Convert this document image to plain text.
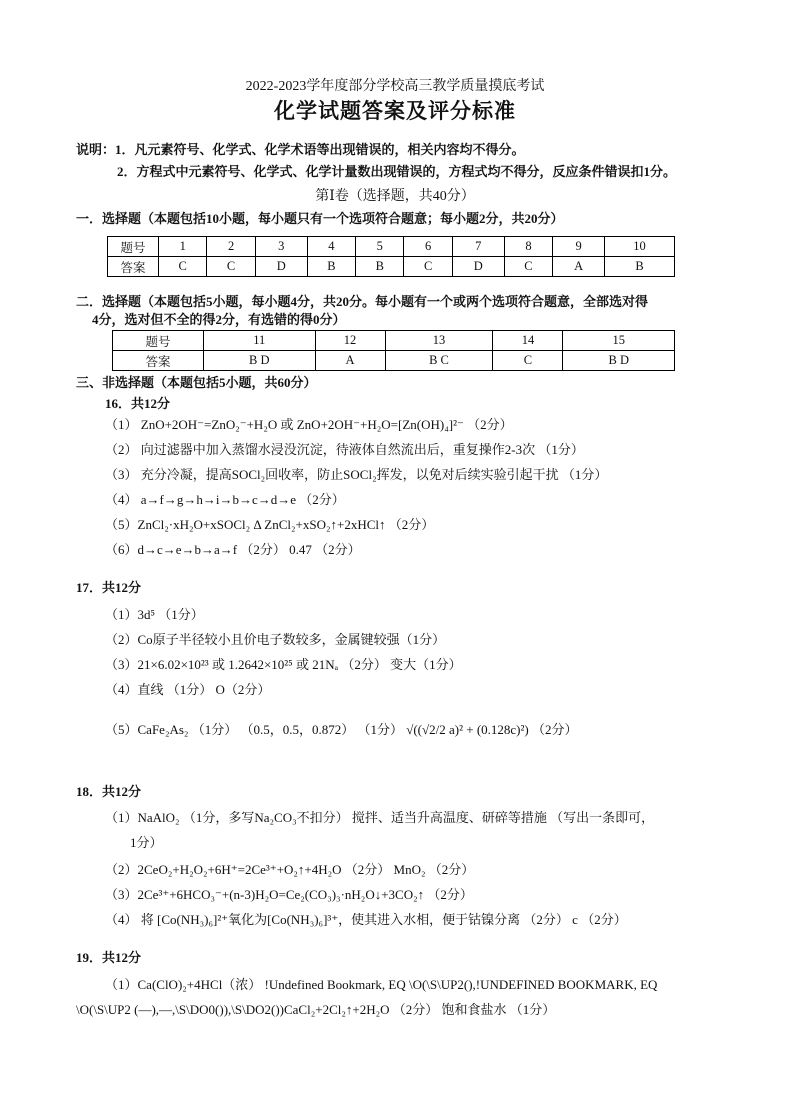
2022-2023学年度部分学校高三教学质量摸底考试
化学试题答案及评分标准
说明：1．凡元素符号、化学式、化学术语等出现错误的，相关内容均不得分。
2．方程式中元素符号、化学式、化学计量数出现错误的，方程式均不得分，反应条件错误扣1分。
第Ⅰ卷（选择题，共40分）
一．选择题（本题包括10小题，每小题只有一个选项符合题意；每小题2分，共20分）
题号	1	2	3	4	5	6	7	8	9	10
答案	C	C	D	B	B	C	D	C	A	B
二．选择题（本题包括5小题，每小题4分，共20分。每小题有一个或两个选项符合题意，全部选对得
4分，选对但不全的得2分，有选错的得0分）
题号	11	12	13	14	15
答案	B D	A	B C	C	B D
三、非选择题（本题包括5小题，共60分）
16．共12分
（1） ZnO+2OH⁻=ZnO₂⁻+H₂O 或 ZnO+2OH⁻+H₂O=[Zn(OH)₄]²⁻ （2分）
（2） 向过滤器中加入蒸馏水浸没沉淀，待液体自然流出后，重复操作2-3次 （1分）
（3） 充分冷凝，提高SOCl₂回收率，防止SOCl₂挥发，以免对后续实验引起干扰 （1分）
（4） a→f→g→h→i→b→c→d→e （2分）
（5）ZnCl₂·xH₂O+xSOCl₂ Δ ZnCl₂+xSO₂↑+2xHCl↑ （2分）
（6）d→c→e→b→a→f （2分） 0.47 （2分）
17．共12分
（1）3d⁵ （1分）
（2）Co原子半径较小且价电子数较多，金属键较强（1分）
（3）21×6.02×10²³ 或 1.2642×10²⁵ 或 21Nₐ （2分） 变大（1分）
（4）直线 （1分） O（2分）
（5）CaFe₂As₂ （1分） （0.5，0.5，0.872） （1分） √((√2/2 a)² + (0.128c)²) （2分）
18．共12分
（1）NaAlO₂ （1分，多写Na₂CO₃不扣分） 搅拌、适当升高温度、研碎等措施 （写出一条即可，
1分）
（2）2CeO₂+H₂O₂+6H⁺=2Ce³⁺+O₂↑+4H₂O （2分） MnO₂ （2分）
（3）2Ce³⁺+6HCO₃⁻+(n-3)H₂O=Ce₂(CO₃)₃·nH₂O↓+3CO₂↑ （2分）
（4） 将 [Co(NH₃)₆]²⁺氧化为[Co(NH₃)₆]³⁺，使其进入水相，便于钴镍分离 （2分） c （2分）
19．共12分
（1）Ca(ClO)₂+4HCl（浓） !Undefined Bookmark, EQ \O(\S\UP2(),!UNDEFINED BOOKMARK, EQ
\O(\S\UP2 (—),—,\S\DO0()),\S\DO2())CaCl₂+2Cl₂↑+2H₂O （2分） 饱和食盐水 （1分）
